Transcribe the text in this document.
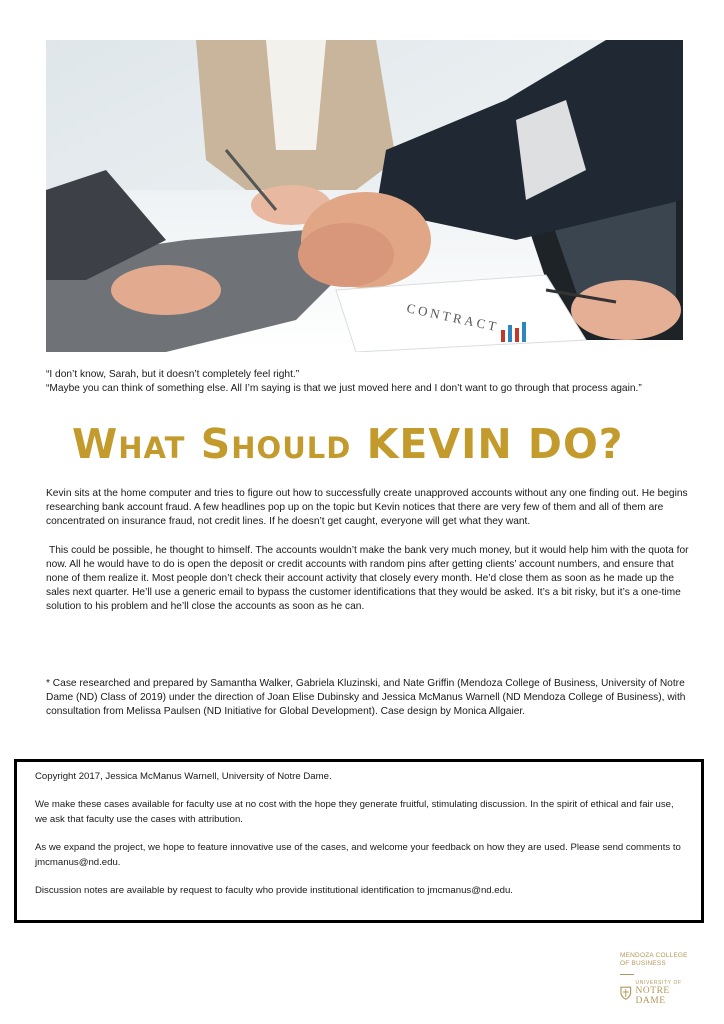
CONTRACT

“I don’t know, Sarah, but it doesn’t completely feel right.”

“Maybe you can think of something else. All I’m saying is that we just moved here and I don’t want to go through that process again.”

What Should KEVIN DO?

Kevin sits at the home computer and tries to figure out how to successfully create unapproved accounts without any one finding out. He begins researching bank account fraud. A few headlines pop up on the topic but Kevin notices that there are very few of them and all of them are concentrated on insurance fraud, not credit lines. If he doesn’t get caught, everyone will get what they want.

This could be possible, he thought to himself. The accounts wouldn’t make the bank very much money, but it would help him with the quota for now. All he would have to do is open the deposit or credit accounts with random pins after getting clients’ account numbers, and ensure that none of them realize it. Most people don’t check their account activity that closely every month. He’d close them as soon as he made up the sales next quarter. He’ll use a generic email to bypass the customer identifications that they would be asked. It’s a bit risky, but it’s a one-time solution to his problem and he’ll close the accounts as soon as he can.

* Case researched and prepared by Samantha Walker, Gabriela Kluzinski, and Nate Griffin (Mendoza College of Business, University of Notre Dame (ND) Class of 2019) under the direction of Joan Elise Dubinsky and Jessica McManus Warnell (ND Mendoza College of Business), with consultation from Melissa Paulsen (ND Initiative for Global Development). Case design by Monica Allgaier.

Copyright 2017, Jessica McManus Warnell, University of Notre Dame.

We make these cases available for faculty use at no cost with the hope they generate fruitful, stimulating discussion. In the spirit of ethical and fair use, we ask that faculty use the cases with attribution.

As we expand the project, we hope to feature innovative use of the cases, and welcome your feedback on how they are used. Please send comments to jmcmanus@nd.edu.

Discussion notes are available by request to faculty who provide institutional identification to jmcmanus@nd.edu.

MENDOZA COLLEGE
OF BUSINESS
UNIVERSITY OF
NOTRE DAME
